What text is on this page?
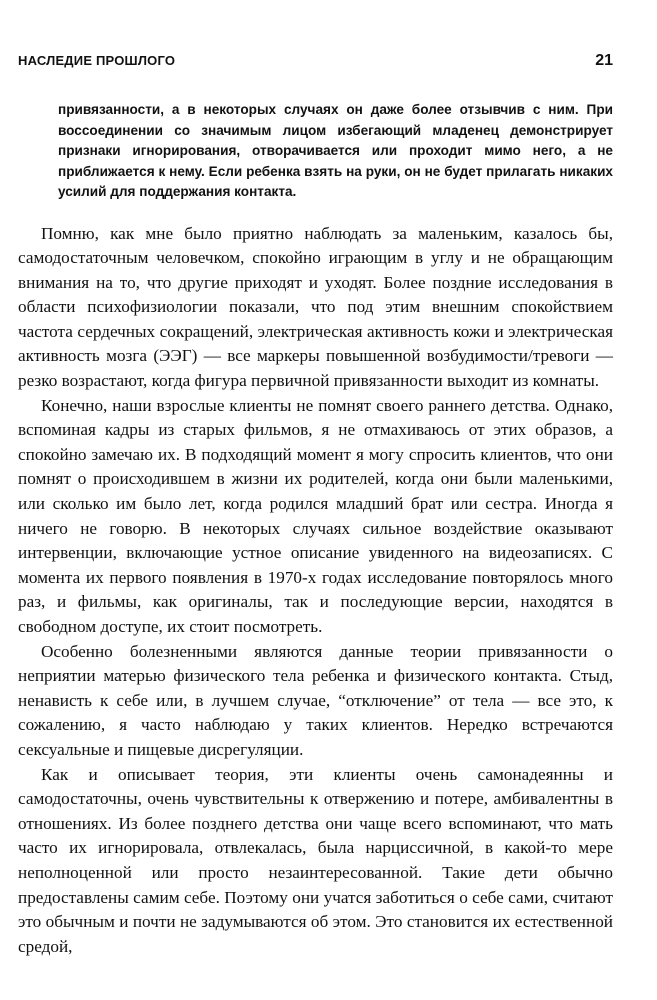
НАСЛЕДИЕ ПРОШЛОГО	21
привязанности, а в некоторых случаях он даже более отзывчив с ним. При воссоединении со значимым лицом избегающий младенец демонстрирует признаки игнорирования, отворачивается или проходит мимо него, а не приближается к нему. Если ребенка взять на руки, он не будет прилагать никаких усилий для поддержания контакта.

Помню, как мне было приятно наблюдать за маленьким, казалось бы, самодостаточным человечком, спокойно играющим в углу и не обращающим внимания на то, что другие приходят и уходят. Более поздние исследования в области психофизиологии показали, что под этим внешним спокойствием частота сердечных сокращений, электрическая активность кожи и электрическая активность мозга (ЭЭГ) — все маркеры повышенной возбудимости/тревоги — резко возрастают, когда фигура первичной привязанности выходит из комнаты.

Конечно, наши взрослые клиенты не помнят своего раннего детства. Однако, вспоминая кадры из старых фильмов, я не отмахиваюсь от этих образов, а спокойно замечаю их. В подходящий момент я могу спросить клиентов, что они помнят о происходившем в жизни их родителей, когда они были маленькими, или сколько им было лет, когда родился младший брат или сестра. Иногда я ничего не говорю. В некоторых случаях сильное воздействие оказывают интервенции, включающие устное описание увиденного на видеозаписях. С момента их первого появления в 1970-х годах исследование повторялось много раз, и фильмы, как оригиналы, так и последующие версии, находятся в свободном доступе, их стоит посмотреть.

Особенно болезненными являются данные теории привязанности о неприятии матерью физического тела ребенка и физического контакта. Стыд, ненависть к себе или, в лучшем случае, “отключение” от тела — все это, к сожалению, я часто наблюдаю у таких клиентов. Нередко встречаются сексуальные и пищевые дисрегуляции.

Как и описывает теория, эти клиенты очень самонадеянны и самодостаточны, очень чувствительны к отвержению и потере, амбивалентны в отношениях. Из более позднего детства они чаще всего вспоминают, что мать часто их игнорировала, отвлекалась, была нарциссичной, в какой-то мере неполноценной или просто незаинтересованной. Такие дети обычно предоставлены самим себе. Поэтому они учатся заботиться о себе сами, считают это обычным и почти не задумываются об этом. Это становится их естественной средой,
